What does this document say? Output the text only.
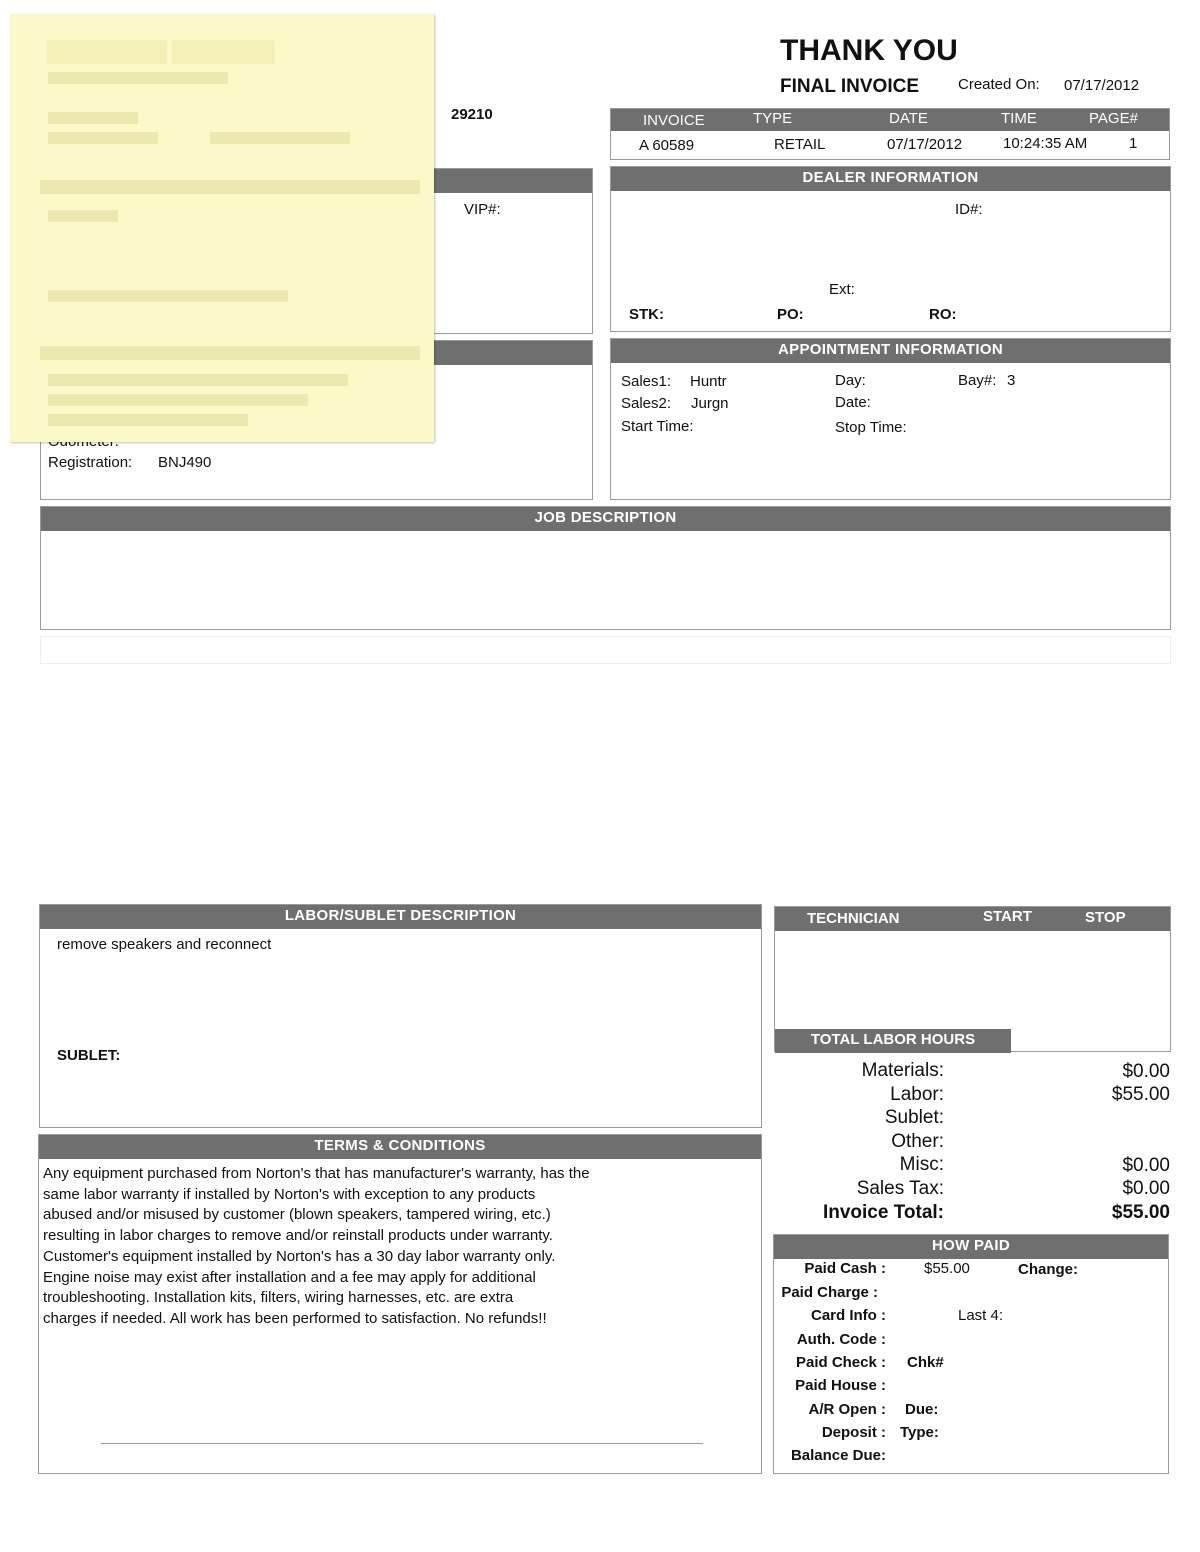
▇▇▇▇▇▇▇ ▇▇▇▇▇▇	THANK YOU
FINAL INVOICE	Created On: 07/17/2012
29210	INVOICE	TYPE	DATE	TIME	PAGE#
A 60589	RETAIL	07/17/2012	10:24:35 AM	1
VIP#:
DEALER INFORMATION
ID#:
Ext:
STK:	PO:	RO:
Registration: BNJ490
APPOINTMENT INFORMATION
Sales1: Huntr
Sales2: Jurgn
Start Time:
Day:
Date:
Stop Time:
Bay#: 3
JOB DESCRIPTION
LABOR/SUBLET DESCRIPTION
remove speakers and reconnect
SUBLET:
TECHNICIAN	START	STOP
TOTAL LABOR HOURS
Materials:	$0.00
Labor:	$55.00
Sublet:
Other:
Misc:	$0.00
Sales Tax:	$0.00
Invoice Total:	$55.00
TERMS & CONDITIONS

Any equipment purchased from Norton's that has manufacturer's warranty, has the

same labor warranty if installed by Norton's with exception to any products

abused and/or misused by customer (blown speakers, tampered wiring, etc.)

resulting in labor charges to remove and/or reinstall products under warranty.

Customer's equipment installed by Norton's has a 30 day labor warranty only.

Engine noise may exist after installation and a fee may apply for additional

troubleshooting. Installation kits, filters, wiring harnesses, etc. are extra

charges if needed. All work has been performed to satisfaction. No refunds!!

HOW PAID
Paid Cash :	$55.00	Change:
Paid Charge :
Card Info :	Last 4:
Auth. Code :
Paid Check : Chk#
Paid House :
A/R Open : Due:
Deposit : Type:
Balance Due:
